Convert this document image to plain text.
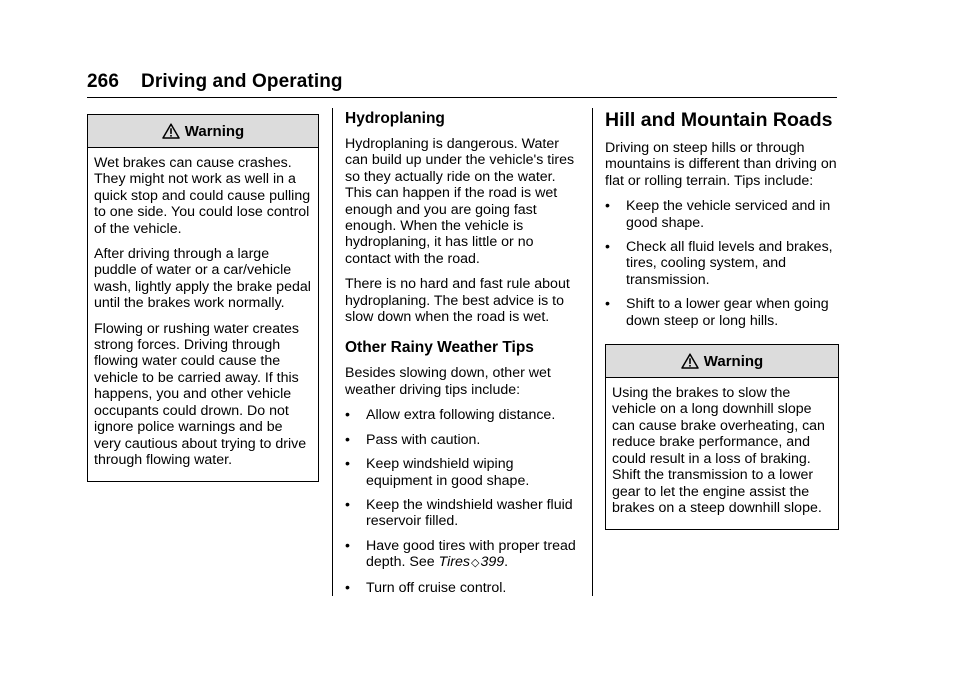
266 Driving and Operating
Warning

Wet brakes can cause crashes. They might not work as well in a quick stop and could cause pulling to one side. You could lose control of the vehicle.

After driving through a large puddle of water or a car/vehicle wash, lightly apply the brake pedal until the brakes work normally.

Flowing or rushing water creates strong forces. Driving through flowing water could cause the vehicle to be carried away. If this happens, you and other vehicle occupants could drown. Do not ignore police warnings and be very cautious about trying to drive through flowing water.

Hydroplaning

Hydroplaning is dangerous. Water can build up under the vehicle's tires so they actually ride on the water. This can happen if the road is wet enough and you are going fast enough. When the vehicle is hydroplaning, it has little or no contact with the road.

There is no hard and fast rule about hydroplaning. The best advice is to slow down when the road is wet.

Other Rainy Weather Tips

Besides slowing down, other wet weather driving tips include:

• Allow extra following distance.
• Pass with caution.
• Keep windshield wiping equipment in good shape.
• Keep the windshield washer fluid reservoir filled.
• Have good tires with proper tread depth. See Tires◇399.
• Turn off cruise control.
Hill and Mountain Roads

Driving on steep hills or through mountains is different than driving on flat or rolling terrain. Tips include:

• Keep the vehicle serviced and in good shape.
• Check all fluid levels and brakes, tires, cooling system, and transmission.
• Shift to a lower gear when going down steep or long hills.
Warning

Using the brakes to slow the vehicle on a long downhill slope can cause brake overheating, can reduce brake performance, and could result in a loss of braking. Shift the transmission to a lower gear to let the engine assist the brakes on a steep downhill slope.
